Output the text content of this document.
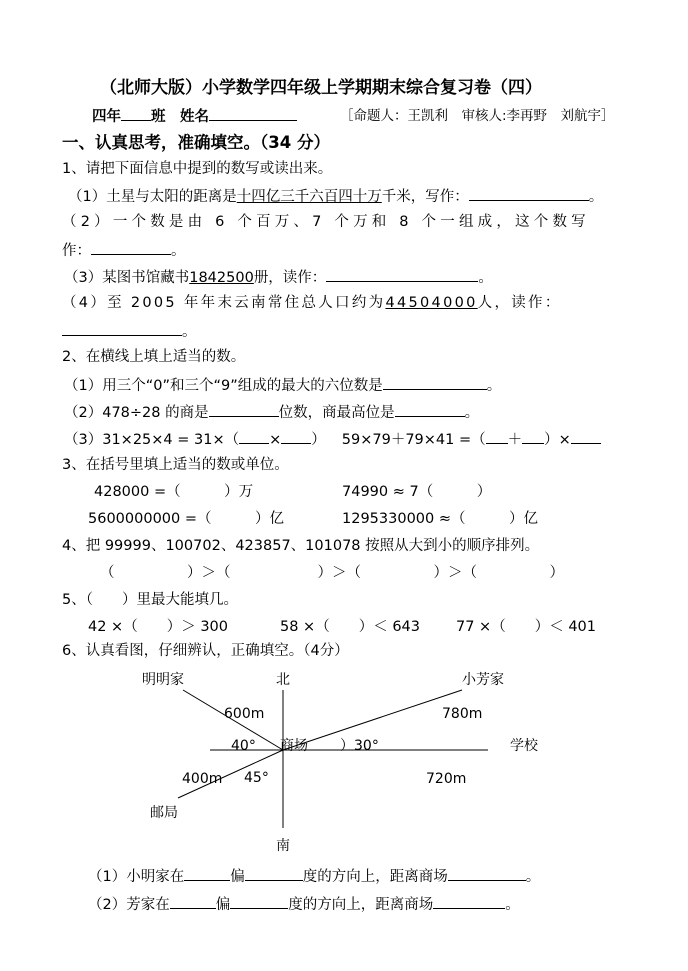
（北师大版）小学数学四年级上学期期末综合复习卷（四）
四年 班　 姓名	［命题人：王凯利　审核人:李再野　刘航宇］
一、认真思考，准确填空。（34 分）
1、请把下面信息中提到的数写或读出来。
（1）土星与太阳的距离是十四亿三千六百四十万千米，写作：	。
（2）一个数是由 6 个百万、7 个万和 8 个一组成，这个数写
作：	。
（3）某图书馆藏书1842500册，读作：	。
（4）至 2005 年年末云南常住总人口约为44504000人，读作：
。
2、在横线上填上适当的数。
（1）用三个“0”和三个“9”组成的最大的六位数是	。
（2）478÷28 的商是	位数，商最高位是	。
（3）31×25×4 = 31×（ × ） 59×79＋79×41 =（ ＋ ）×
3、在括号里填上适当的数或单位。
428000 =（　　　）万	74990 ≈ 7（　　　）
5600000000 =（　　　）亿	1295330000 ≈（　　　）亿
4、把 99999、100702、423857、101078 按照从大到小的顺序排列。
（　　　　　）＞（　　　　　　）＞（　　　　　）＞（　　　　　）
5、（　　）里最大能填几。
42 ×（　　）＞ 300	58 ×（　　）＜ 643 77 ×（　　）＜ 401
6、认真看图，仔细辨认，正确填空。（4分）
北
南
商场
明明家	小芳家
学校
邮局
600m	780m
400m	720m
40°	）30°
45°
（1）小明家在	偏	度的方向上，距离商场	。
（2）芳家在	偏	度的方向上，距离商场	。
